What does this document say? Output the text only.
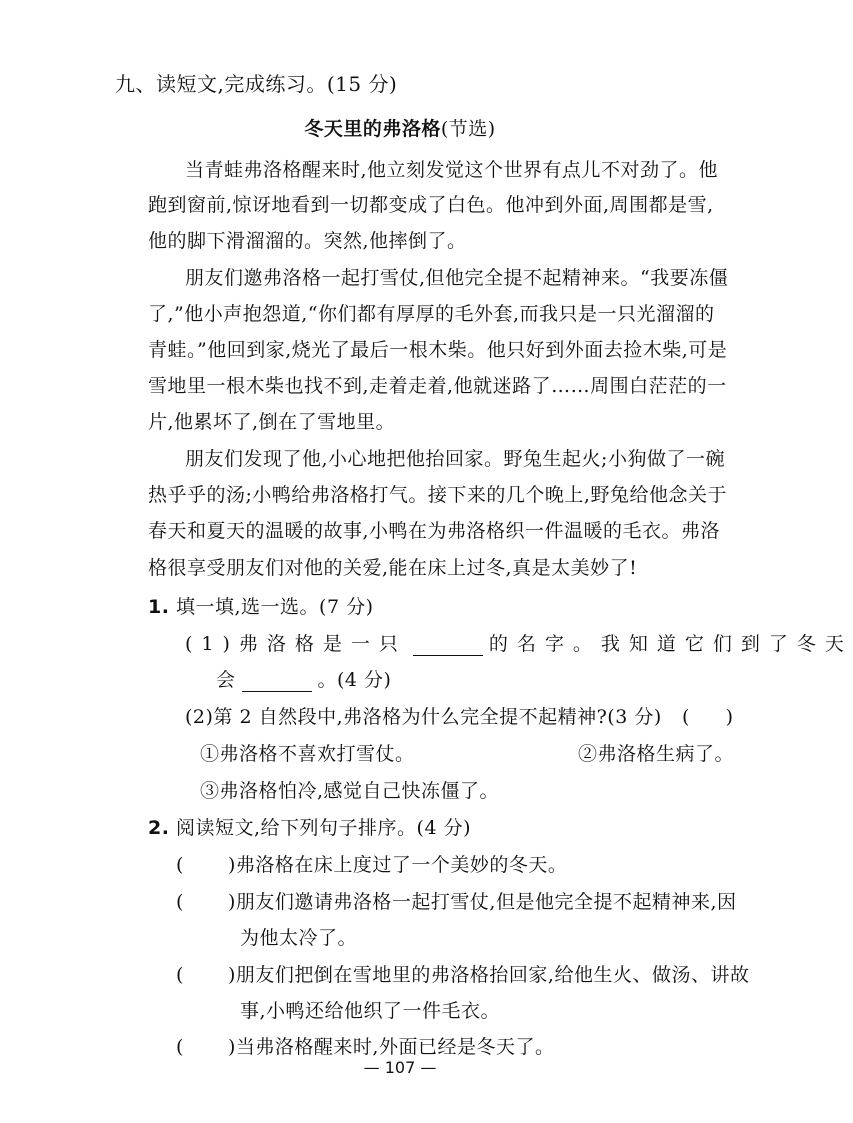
九、读短文,完成练习。(15 分)
冬天里的弗洛格(节选)
当青蛙弗洛格醒来时,他立刻发觉这个世界有点儿不对劲了。他
跑到窗前,惊讶地看到一切都变成了白色。他冲到外面,周围都是雪,
他的脚下滑溜溜的。突然,他摔倒了。
朋友们邀弗洛格一起打雪仗,但他完全提不起精神来。“我要冻僵
了,”他小声抱怨道,“你们都有厚厚的毛外套,而我只是一只光溜溜的
青蛙。”他回到家,烧光了最后一根木柴。他只好到外面去捡木柴,可是
雪地里一根木柴也找不到,走着走着,他就迷路了……周围白茫茫的一
片,他累坏了,倒在了雪地里。
朋友们发现了他,小心地把他抬回家。野兔生起火;小狗做了一碗
热乎乎的汤;小鸭给弗洛格打气。接下来的几个晚上,野兔给他念关于
春天和夏天的温暖的故事,小鸭在为弗洛格织一件温暖的毛衣。弗洛
格很享受朋友们对他的关爱,能在床上过冬,真是太美妙了!
1. 填一填,选一选。(7 分)
(1)弗洛格是一只	的名字。我知道它们到了冬天
会	。(4 分)
(2)第 2 自然段中,弗洛格为什么完全提不起精神?(3 分) (      )
①弗洛格不喜欢打雪仗。	②弗洛格生病了。
③弗洛格怕冷,感觉自己快冻僵了。
2. 阅读短文,给下列句子排序。(4 分)
( )弗洛格在床上度过了一个美妙的冬天。
( )朋友们邀请弗洛格一起打雪仗,但是他完全提不起精神来,因
为他太冷了。
( )朋友们把倒在雪地里的弗洛格抬回家,给他生火、做汤、讲故
事,小鸭还给他织了一件毛衣。
( )当弗洛格醒来时,外面已经是冬天了。
— 107 —
